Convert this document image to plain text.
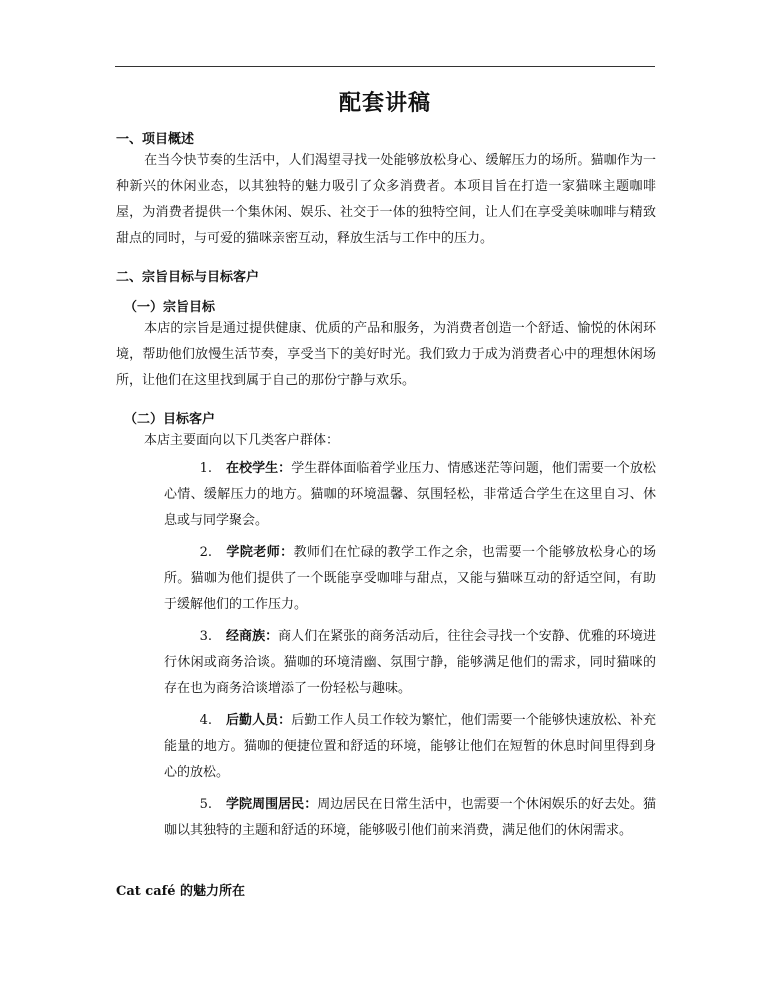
配套讲稿
一、项目概述
在当今快节奏的生活中，人们渴望寻找一处能够放松身心、缓解压力的场所。猫咖作为一种新兴的休闲业态，以其独特的魅力吸引了众多消费者。本项目旨在打造一家猫咪主题咖啡屋，为消费者提供一个集休闲、娱乐、社交于一体的独特空间，让人们在享受美味咖啡与精致甜点的同时，与可爱的猫咪亲密互动，释放生活与工作中的压力。
二、宗旨目标与目标客户
（一）宗旨目标
本店的宗旨是通过提供健康、优质的产品和服务，为消费者创造一个舒适、愉悦的休闲环境，帮助他们放慢生活节奏，享受当下的美好时光。我们致力于成为消费者心中的理想休闲场所，让他们在这里找到属于自己的那份宁静与欢乐。
（二）目标客户
本店主要面向以下几类客户群体：
1. 在校学生：学生群体面临着学业压力、情感迷茫等问题，他们需要一个放松心情、缓解压力的地方。猫咖的环境温馨、氛围轻松，非常适合学生在这里自习、休息或与同学聚会。
2. 学院老师：教师们在忙碌的教学工作之余，也需要一个能够放松身心的场所。猫咖为他们提供了一个既能享受咖啡与甜点，又能与猫咪互动的舒适空间，有助于缓解他们的工作压力。
3. 经商族：商人们在紧张的商务活动后，往往会寻找一个安静、优雅的环境进行休闲或商务洽谈。猫咖的环境清幽、氛围宁静，能够满足他们的需求，同时猫咪的存在也为商务洽谈增添了一份轻松与趣味。
4. 后勤人员：后勤工作人员工作较为繁忙，他们需要一个能够快速放松、补充能量的地方。猫咖的便捷位置和舒适的环境，能够让他们在短暂的休息时间里得到身心的放松。
5. 学院周围居民：周边居民在日常生活中，也需要一个休闲娱乐的好去处。猫咖以其独特的主题和舒适的环境，能够吸引他们前来消费，满足他们的休闲需求。
Cat café 的魅力所在
